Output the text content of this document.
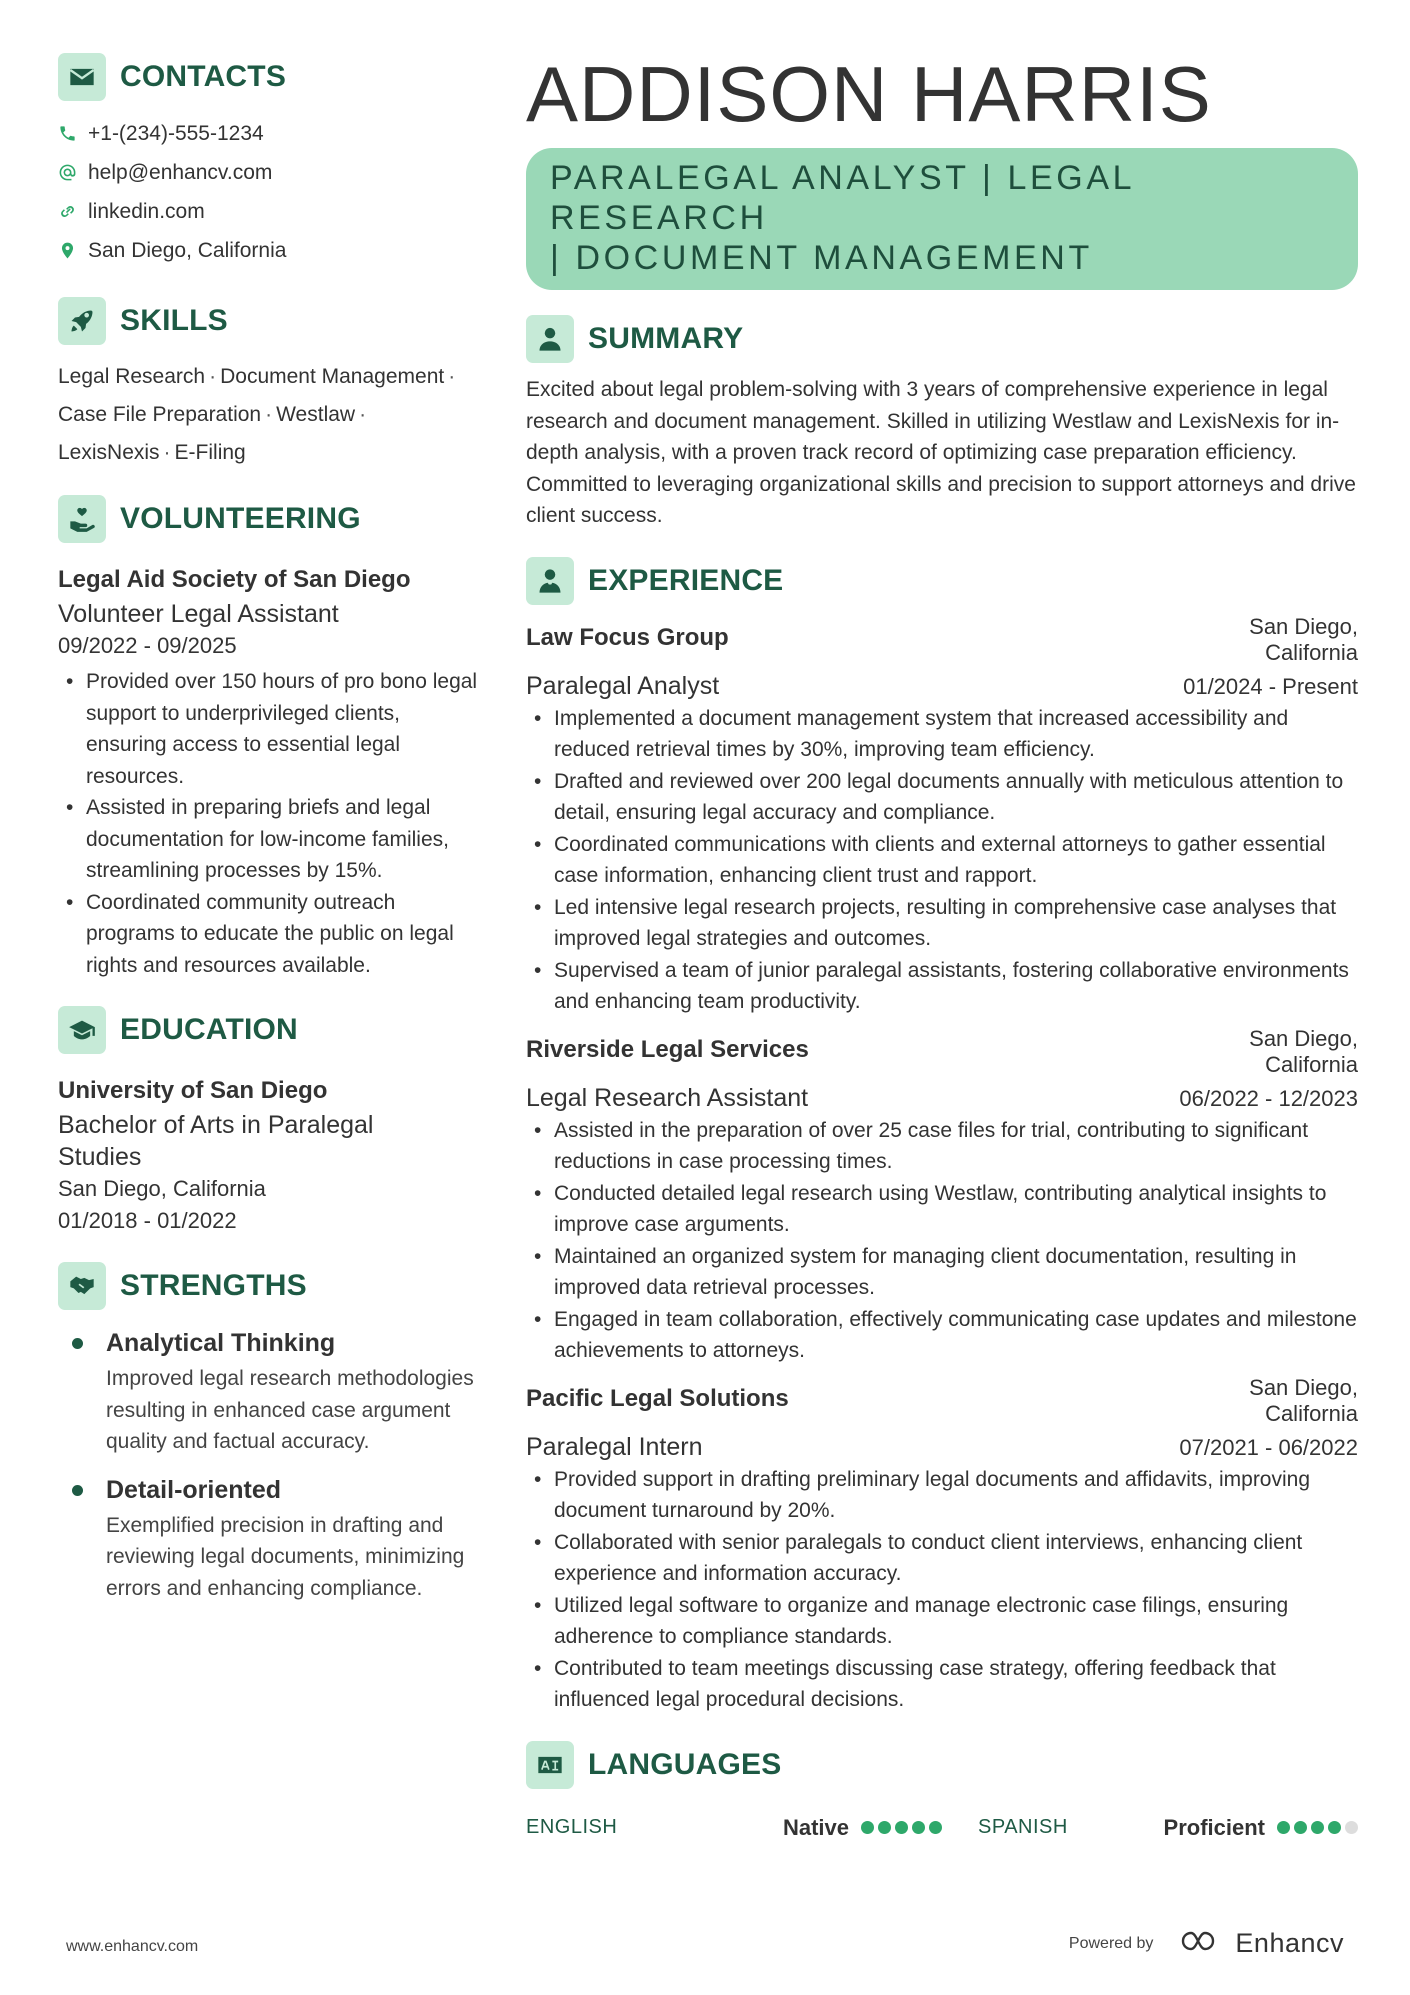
CONTACTS
+1-(234)-555-1234
help@enhancv.com
linkedin.com
San Diego, California
SKILLS
Legal Research · Document Management ·
Case File Preparation · Westlaw ·
LexisNexis · E-Filing
VOLUNTEERING
Legal Aid Society of San Diego
Volunteer Legal Assistant
09/2022 - 09/2025
• Provided over 150 hours of pro bono legal support to underprivileged clients, ensuring access to essential legal resources.
• Assisted in preparing briefs and legal documentation for low-income families, streamlining processes by 15%.
• Coordinated community outreach programs to educate the public on legal rights and resources available.
EDUCATION
University of San Diego
Bachelor of Arts in Paralegal Studies
San Diego, California
01/2018 - 01/2022
STRENGTHS
Analytical Thinking
Improved legal research methodologies resulting in enhanced case argument quality and factual accuracy.
Detail-oriented
Exemplified precision in drafting and reviewing legal documents, minimizing errors and enhancing compliance.
ADDISON HARRIS
PARALEGAL ANALYST | LEGAL RESEARCH
| DOCUMENT MANAGEMENT
SUMMARY
Excited about legal problem-solving with 3 years of comprehensive experience in legal research and document management. Skilled in utilizing Westlaw and LexisNexis for in-depth analysis, with a proven track record of optimizing case preparation efficiency. Committed to leveraging organizational skills and precision to support attorneys and drive client success.
EXPERIENCE
Law Focus Group	San Diego,
California
Paralegal Analyst	01/2024 - Present
• Implemented a document management system that increased accessibility and reduced retrieval times by 30%, improving team efficiency.
• Drafted and reviewed over 200 legal documents annually with meticulous attention to detail, ensuring legal accuracy and compliance.
• Coordinated communications with clients and external attorneys to gather essential case information, enhancing client trust and rapport.
• Led intensive legal research projects, resulting in comprehensive case analyses that improved legal strategies and outcomes.
• Supervised a team of junior paralegal assistants, fostering collaborative environments and enhancing team productivity.
Riverside Legal Services	San Diego,
California
Legal Research Assistant	06/2022 - 12/2023
• Assisted in the preparation of over 25 case files for trial, contributing to significant reductions in case processing times.
• Conducted detailed legal research using Westlaw, contributing analytical insights to improve case arguments.
• Maintained an organized system for managing client documentation, resulting in improved data retrieval processes.
• Engaged in team collaboration, effectively communicating case updates and milestone achievements to attorneys.
Pacific Legal Solutions	San Diego,
California
Paralegal Intern	07/2021 - 06/2022
• Provided support in drafting preliminary legal documents and affidavits, improving document turnaround by 20%.
• Collaborated with senior paralegals to conduct client interviews, enhancing client experience and information accuracy.
• Utilized legal software to organize and manage electronic case filings, ensuring adherence to compliance standards.
• Contributed to team meetings discussing case strategy, offering feedback that influenced legal procedural decisions.
LANGUAGES
ENGLISH	Native	SPANISH	Proficient
www.enhancv.com	Powered by	Enhancv
